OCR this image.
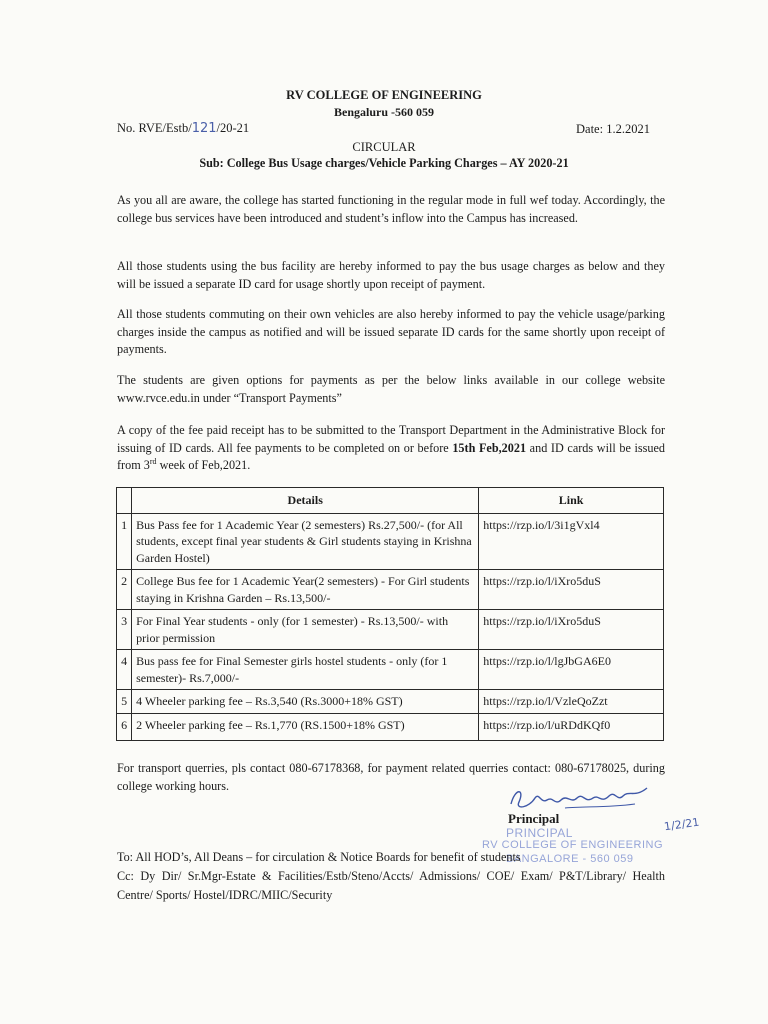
RV COLLEGE OF ENGINEERING
Bengaluru -560 059
No. RVE/Estb/121/20-21	Date: 1.2.2021
CIRCULAR
Sub: College Bus Usage charges/Vehicle Parking Charges – AY 2020-21

As you all are aware, the college has started functioning in the regular mode in full wef today. Accordingly, the college bus services have been introduced and student’s inflow into the Campus has increased.

All those students using the bus facility are hereby informed to pay the bus usage charges as below and they will be issued a separate ID card for usage shortly upon receipt of payment.

All those students commuting on their own vehicles are also hereby informed to pay the vehicle usage/parking charges inside the campus as notified and will be issued separate ID cards for the same shortly upon receipt of payments.

The students are given options for payments as per the below links available in our college website www.rvce.edu.in under “Transport Payments”

A copy of the fee paid receipt has to be submitted to the Transport Department in the Administrative Block for issuing of ID cards. All fee payments to be completed on or before 15th Feb,2021 and ID cards will be issued from 3rd week of Feb,2021.

	Details	Link
1	Bus Pass fee for 1 Academic Year (2 semesters) Rs.27,500/- (for All students, except final year students & Girl students staying in Krishna Garden Hostel)	https://rzp.io/l/3i1gVxl4
2	College Bus fee for 1 Academic Year(2 semesters) - For Girl students staying in Krishna Garden – Rs.13,500/-	https://rzp.io/l/iXro5duS
3	For Final Year students - only (for 1 semester) - Rs.13,500/- with prior permission	https://rzp.io/l/iXro5duS
4	Bus pass fee for Final Semester girls hostel students - only (for 1 semester)- Rs.7,000/-	https://rzp.io/l/lgJbGA6E0
5	4 Wheeler parking fee – Rs.3,540 (Rs.3000+18% GST)	https://rzp.io/l/VzleQoZzt
6	2 Wheeler parking fee – Rs.1,770 (RS.1500+18% GST)	https://rzp.io/l/uRDdKQf0

For transport querries, pls contact 080-67178368, for payment related querries contact: 080-67178025, during college working hours.

Principal	1/2/21
PRINCIPAL
RV COLLEGE OF ENGINEERING
BANGALORE - 560 059

To: All HOD’s, All Deans – for circulation & Notice Boards for benefit of students

Cc: Dy Dir/ Sr.Mgr-Estate & Facilities/Estb/Steno/Accts/ Admissions/ COE/ Exam/ P&T/Library/ Health Centre/ Sports/ Hostel/IDRC/MIIC/Security
